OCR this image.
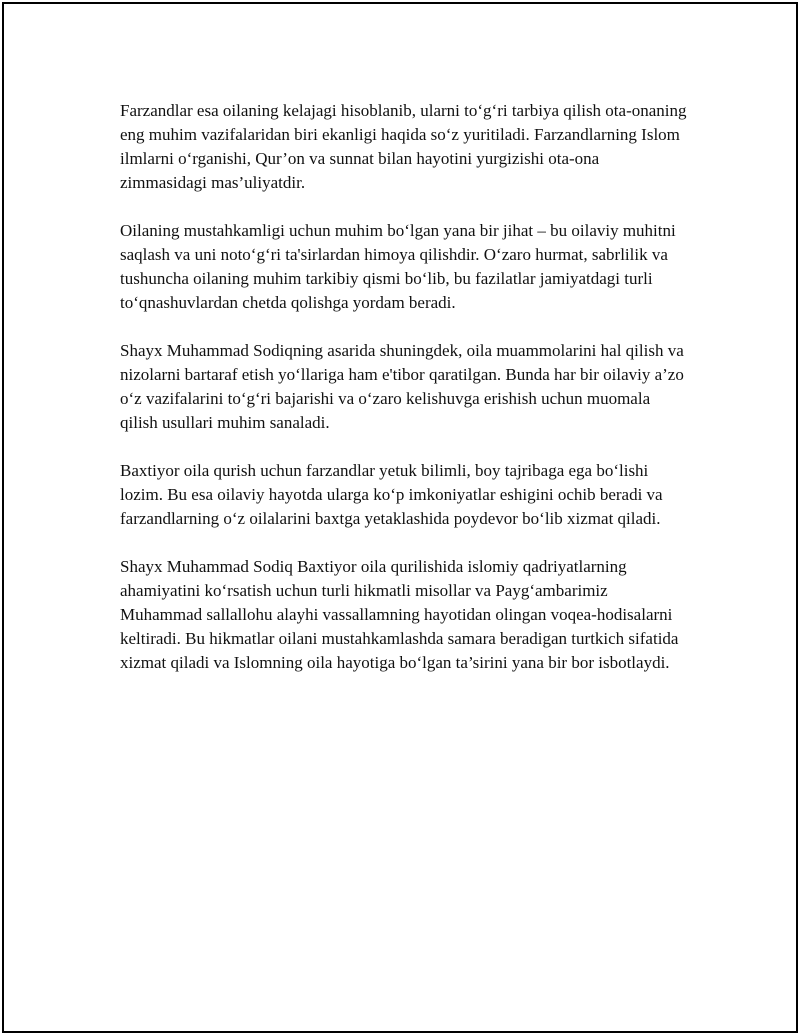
Farzandlar esa oilaning kelajagi hisoblanib, ularni to‘g‘ri tarbiya qilish ota-onaning eng muhim vazifalaridan biri ekanligi haqida so‘z yuritiladi. Farzandlarning Islom ilmlarni o‘rganishi, Qur’on va sunnat bilan hayotini yurgizishi ota-ona zimmasidagi mas’uliyatdir.

Oilaning mustahkamligi uchun muhim bo‘lgan yana bir jihat – bu oilaviy muhitni saqlash va uni noto‘g‘ri ta'sirlardan himoya qilishdir. O‘zaro hurmat, sabrlilik va tushuncha oilaning muhim tarkibiy qismi bo‘lib, bu fazilatlar jamiyatdagi turli to‘qnashuvlardan chetda qolishga yordam beradi.

Shayx Muhammad Sodiqning asarida shuningdek, oila muammolarini hal qilish va nizolarni bartaraf etish yo‘llariga ham e'tibor qaratilgan. Bunda har bir oilaviy a’zo o‘z vazifalarini to‘g‘ri bajarishi va o‘zaro kelishuvga erishish uchun muomala qilish usullari muhim sanaladi.

Baxtiyor oila qurish uchun farzandlar yetuk bilimli, boy tajribaga ega bo‘lishi lozim. Bu esa oilaviy hayotda ularga ko‘p imkoniyatlar eshigini ochib beradi va farzandlarning o‘z oilalarini baxtga yetaklashida poydevor bo‘lib xizmat qiladi.

Shayx Muhammad Sodiq Baxtiyor oila qurilishida islomiy qadriyatlarning ahamiyatini ko‘rsatish uchun turli hikmatli misollar va Payg‘ambarimiz Muhammad sallallohu alayhi vassallamning hayotidan olingan voqea-hodisalarni keltiradi. Bu hikmatlar oilani mustahkamlashda samara beradigan turtkich sifatida xizmat qiladi va Islomning oila hayotiga bo‘lgan ta’sirini yana bir bor isbotlaydi.
